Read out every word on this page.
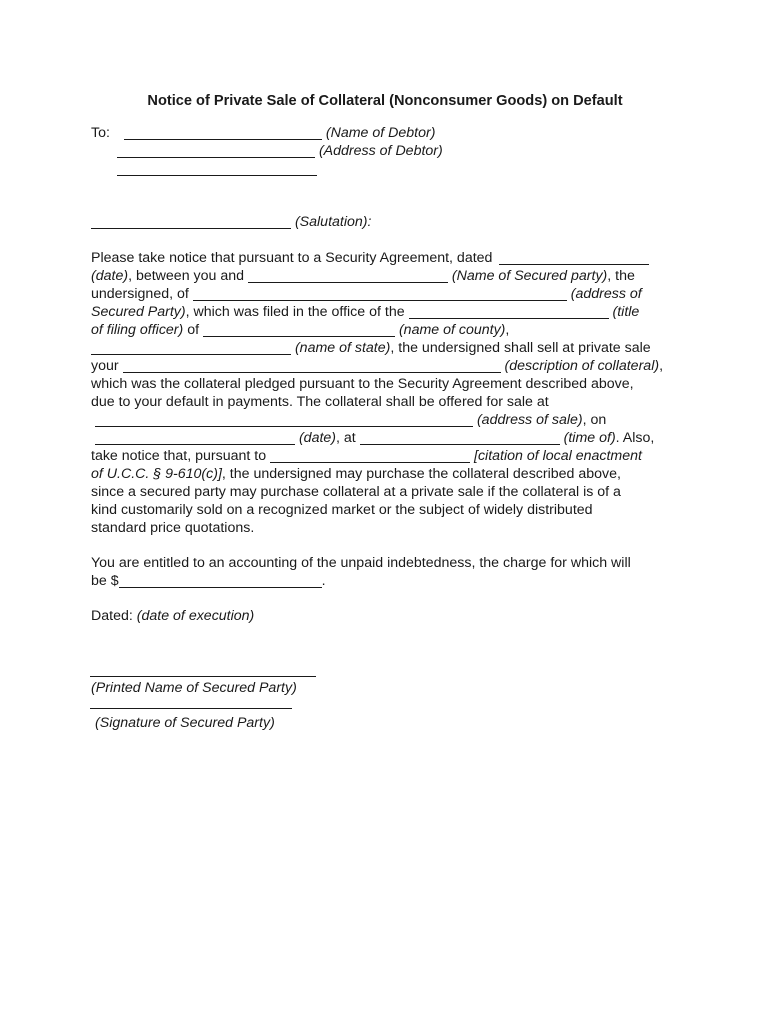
Notice of Private Sale of Collateral (Nonconsumer Goods) on Default
To:	(Name of Debtor)
(Address of Debtor)
(Salutation):
Please take notice that pursuant to a Security Agreement, dated
(date), between you and	(Name of Secured party), the
undersigned, of	(address of
Secured Party), which was filed in the office of the	(title
of filing officer) of	(name of county),
(name of state), the undersigned shall sell at private sale
your	(description of collateral),
which was the collateral pledged pursuant to the Security Agreement described above,
due to your default in payments. The collateral shall be offered for sale at
(address of sale), on
(date), at	(time of). Also,
take notice that, pursuant to	[citation of local enactment
of U.C.C. § 9-610(c)], the undersigned may purchase the collateral described above,
since a secured party may purchase collateral at a private sale if the collateral is of a
kind customarily sold on a recognized market or the subject of widely distributed
standard price quotations.
You are entitled to an accounting of the unpaid indebtedness, the charge for which will
be $	.
Dated: (date of execution)
(Printed Name of Secured Party)
(Signature of Secured Party)
